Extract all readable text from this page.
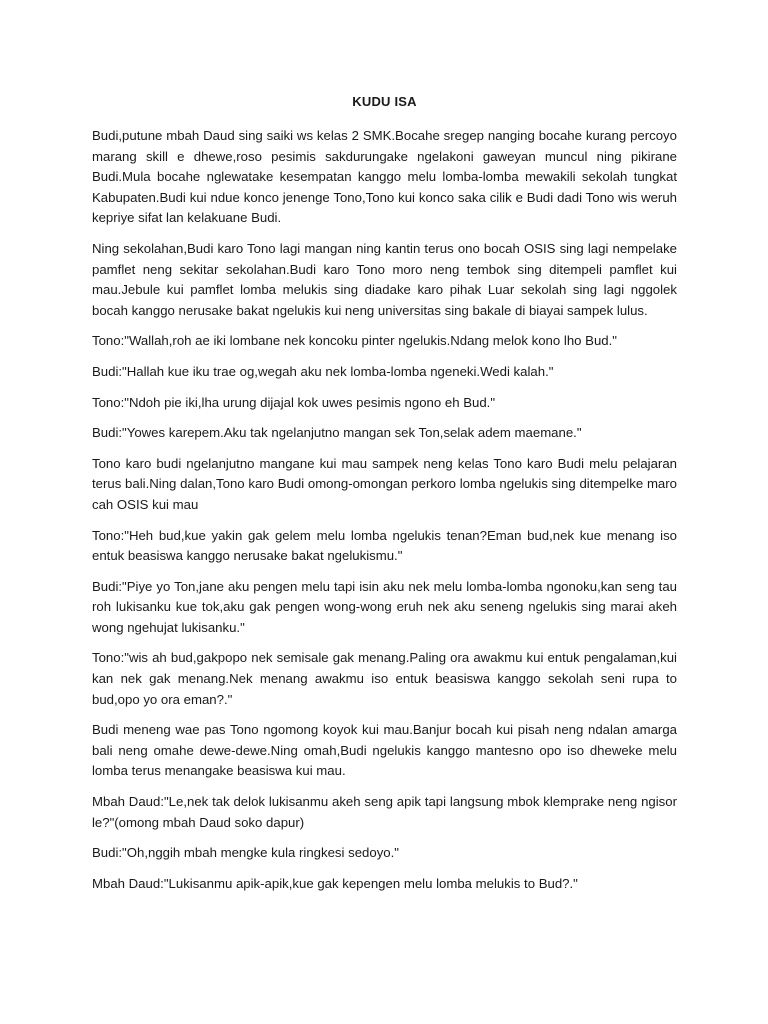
KUDU ISA

Budi,putune mbah Daud sing saiki ws kelas 2 SMK.Bocahe sregep nanging bocahe kurang percoyo marang skill e dhewe,roso pesimis sakdurungake ngelakoni gaweyan muncul ning pikirane Budi.Mula bocahe nglewatake kesempatan kanggo melu lomba-lomba mewakili sekolah tungkat Kabupaten.Budi kui ndue konco jenenge Tono,Tono kui konco saka cilik e Budi dadi Tono wis weruh kepriye sifat lan kelakuane Budi.

Ning sekolahan,Budi karo Tono lagi mangan ning kantin terus ono bocah OSIS sing lagi nempelake pamflet neng sekitar sekolahan.Budi karo Tono moro neng tembok sing ditempeli pamflet kui mau.Jebule kui pamflet lomba melukis sing diadake karo pihak Luar sekolah sing lagi nggolek bocah kanggo nerusake bakat ngelukis kui neng universitas sing bakale di biayai sampek lulus.

Tono:"Wallah,roh ae iki lombane nek koncoku pinter ngelukis.Ndang melok kono lho Bud."

Budi:"Hallah kue iku trae og,wegah aku nek lomba-lomba ngeneki.Wedi kalah."

Tono:"Ndoh pie iki,lha urung dijajal kok uwes pesimis ngono eh Bud."

Budi:"Yowes karepem.Aku tak ngelanjutno mangan sek Ton,selak adem maemane."

Tono karo budi ngelanjutno mangane kui mau sampek neng kelas Tono karo Budi melu pelajaran terus bali.Ning dalan,Tono karo Budi omong-omongan perkoro lomba ngelukis sing ditempelke maro cah OSIS kui mau

Tono:"Heh bud,kue yakin gak gelem melu lomba ngelukis tenan?Eman bud,nek kue menang iso entuk beasiswa kanggo nerusake bakat ngelukismu."

Budi:"Piye yo Ton,jane aku pengen melu tapi isin aku nek melu lomba-lomba ngonoku,kan seng tau roh lukisanku kue tok,aku gak pengen wong-wong eruh nek aku seneng ngelukis sing marai akeh wong ngehujat lukisanku."

Tono:"wis ah bud,gakpopo nek semisale gak menang.Paling ora awakmu kui entuk pengalaman,kui kan nek gak menang.Nek menang awakmu iso entuk beasiswa kanggo sekolah seni rupa to bud,opo yo ora eman?."

Budi meneng wae pas Tono ngomong koyok kui mau.Banjur bocah kui pisah neng ndalan amarga bali neng omahe dewe-dewe.Ning omah,Budi ngelukis kanggo mantesno opo iso dheweke melu lomba terus menangake beasiswa kui mau.

Mbah Daud:"Le,nek tak delok lukisanmu akeh seng apik tapi langsung mbok klemprake neng ngisor le?"(omong mbah Daud soko dapur)

Budi:"Oh,nggih mbah mengke kula ringkesi sedoyo."

Mbah Daud:"Lukisanmu apik-apik,kue gak kepengen melu lomba melukis to Bud?."
